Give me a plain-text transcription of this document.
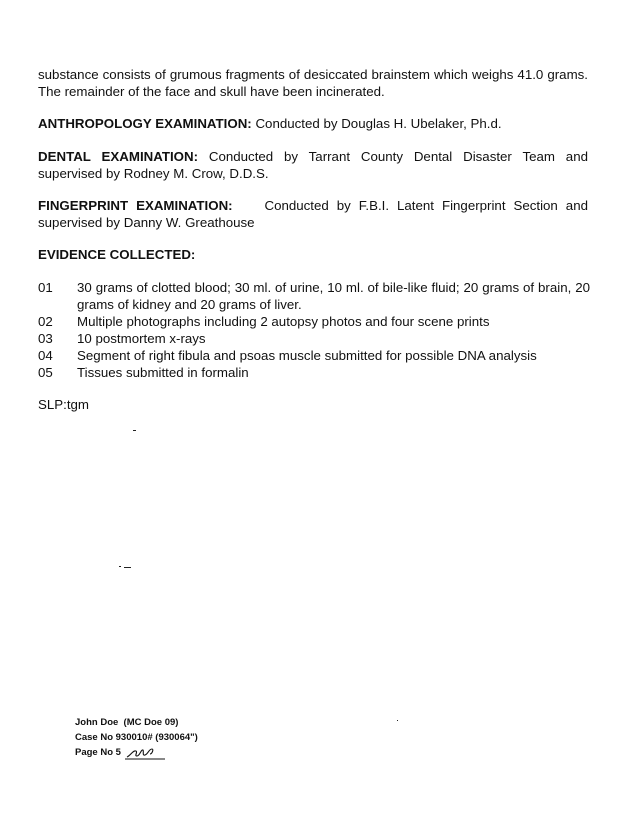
substance consists of grumous fragments of desiccated brainstem which weighs 41.0 grams. The remainder of the face and skull have been incinerated.
ANTHROPOLOGY EXAMINATION: Conducted by Douglas H. Ubelaker, Ph.d.
DENTAL EXAMINATION: Conducted by Tarrant County Dental Disaster Team and supervised by Rodney M. Crow, D.D.S.
FINGERPRINT EXAMINATION:    Conducted by F.B.I. Latent Fingerprint Section and supervised by Danny W. Greathouse
EVIDENCE COLLECTED:
01	30 grams of clotted blood; 30 ml. of urine, 10 ml. of bile-like fluid; 20 grams of brain, 20 grams of kidney and 20 grams of liver.
02	Multiple photographs including 2 autopsy photos and four scene prints
03	10 postmortem x-rays
04	Segment of right fibula and psoas muscle submitted for possible DNA analysis
05	Tissues submitted in formalin
SLP:tgm
John Doe  (MC Doe 09)
Case No 930010# (930064")
Page No 5
